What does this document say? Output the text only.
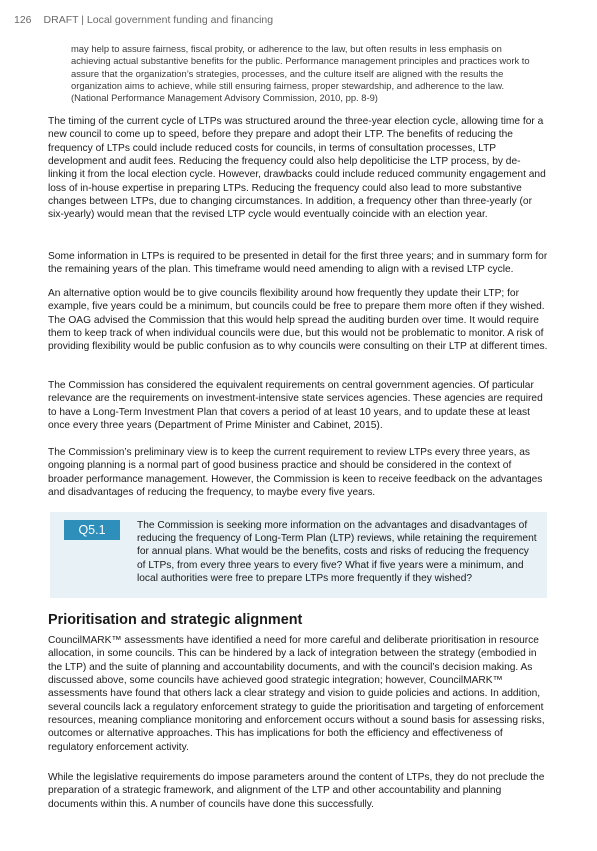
126 DRAFT | Local government funding and financing

may help to assure fairness, fiscal probity, or adherence to the law, but often results in less emphasis on achieving actual substantive benefits for the public. Performance management principles and practices work to assure that the organization’s strategies, processes, and the culture itself are aligned with the results the organization aims to achieve, while still ensuring fairness, proper stewardship, and adherence to the law. (National Performance Management Advisory Commission, 2010, pp. 8-9)

The timing of the current cycle of LTPs was structured around the three-year election cycle, allowing time for a new council to come up to speed, before they prepare and adopt their LTP. The benefits of reducing the frequency of LTPs could include reduced costs for councils, in terms of consultation processes, LTP development and audit fees. Reducing the frequency could also help depoliticise the LTP process, by de-linking it from the local election cycle. However, drawbacks could include reduced community engagement and loss of in-house expertise in preparing LTPs. Reducing the frequency could also lead to more substantive changes between LTPs, due to changing circumstances. In addition, a frequency other than three-yearly (or six-yearly) would mean that the revised LTP cycle would eventually coincide with an election year.

Some information in LTPs is required to be presented in detail for the first three years; and in summary form for the remaining years of the plan. This timeframe would need amending to align with a revised LTP cycle.

An alternative option would be to give councils flexibility around how frequently they update their LTP; for example, five years could be a minimum, but councils could be free to prepare them more often if they wished. The OAG advised the Commission that this would help spread the auditing burden over time. It would require them to keep track of when individual councils were due, but this would not be problematic to monitor. A risk of providing flexibility would be public confusion as to why councils were consulting on their LTP at different times.

The Commission has considered the equivalent requirements on central government agencies. Of particular relevance are the requirements on investment-intensive state services agencies. These agencies are required to have a Long-Term Investment Plan that covers a period of at least 10 years, and to update these at least once every three years (Department of Prime Minister and Cabinet, 2015).

The Commission’s preliminary view is to keep the current requirement to review LTPs every three years, as ongoing planning is a normal part of good business practice and should be considered in the context of broader performance management. However, the Commission is keen to receive feedback on the advantages and disadvantages of reducing the frequency, to maybe every five years.

Q5.1	The Commission is seeking more information on the advantages and disadvantages of reducing the frequency of Long-Term Plan (LTP) reviews, while retaining the requirement for annual plans. What would be the benefits, costs and risks of reducing the frequency of LTPs, from every three years to every five? What if five years were a minimum, and local authorities were free to prepare LTPs more frequently if they wished?

Prioritisation and strategic alignment

CouncilMARK™ assessments have identified a need for more careful and deliberate prioritisation in resource allocation, in some councils. This can be hindered by a lack of integration between the strategy (embodied in the LTP) and the suite of planning and accountability documents, and with the council’s decision making. As discussed above, some councils have achieved good strategic integration; however, CouncilMARK™ assessments have found that others lack a clear strategy and vision to guide policies and actions. In addition, several councils lack a regulatory enforcement strategy to guide the prioritisation and targeting of enforcement resources, meaning compliance monitoring and enforcement occurs without a sound basis for assessing risks, outcomes or alternative approaches. This has implications for both the efficiency and effectiveness of regulatory enforcement activity.

While the legislative requirements do impose parameters around the content of LTPs, they do not preclude the preparation of a strategic framework, and alignment of the LTP and other accountability and planning documents within this. A number of councils have done this successfully.
